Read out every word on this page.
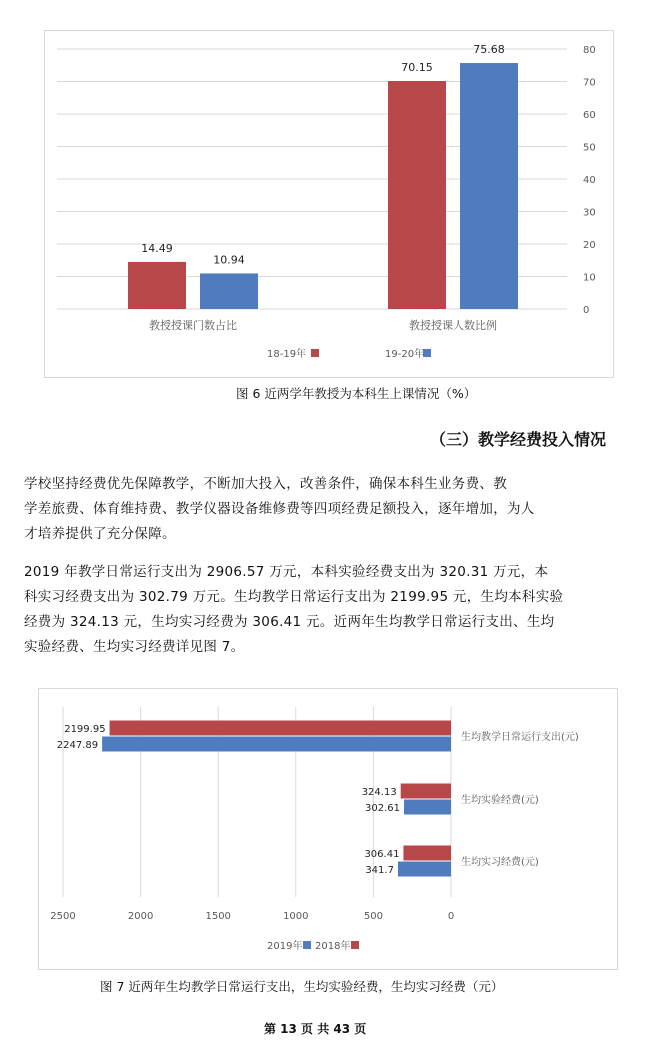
0
10
20
30
40
50
60
70
80
75.68
10.94
70.15
14.49
教授授课人数比例
教授授课门数占比
19-20年
18-19年
图 6 近两学年教授为本科生上课情况（%）
（三）教学经费投入情况
学校坚持经费优先保障教学，不断加大投入，改善条件，确保本科生业务费、教
学差旅费、体育维持费、教学仪器设备维修费等四项经费足额投入，逐年增加，为人
才培养提供了充分保障。
2019 年教学日常运行支出为 2906.57 万元，本科实验经费支出为 320.31 万元，本
科实习经费支出为 302.79 万元。生均教学日常运行支出为 2199.95 元，生均本科实验
经费为 324.13 元，生均实习经费为 306.41 元。近两年生均教学日常运行支出、生均
实验经费、生均实习经费详见图 7。
0
500
1000
1500
2000
2500
2199.95
324.13
306.41
2247.89
302.61
341.7
生均教学日常运行支出(元)
生均实验经费(元)
生均实习经费(元)
2018年
2019年
图 7 近两年生均教学日常运行支出，生均实验经费，生均实习经费（元）
第 13 页 共 43 页
